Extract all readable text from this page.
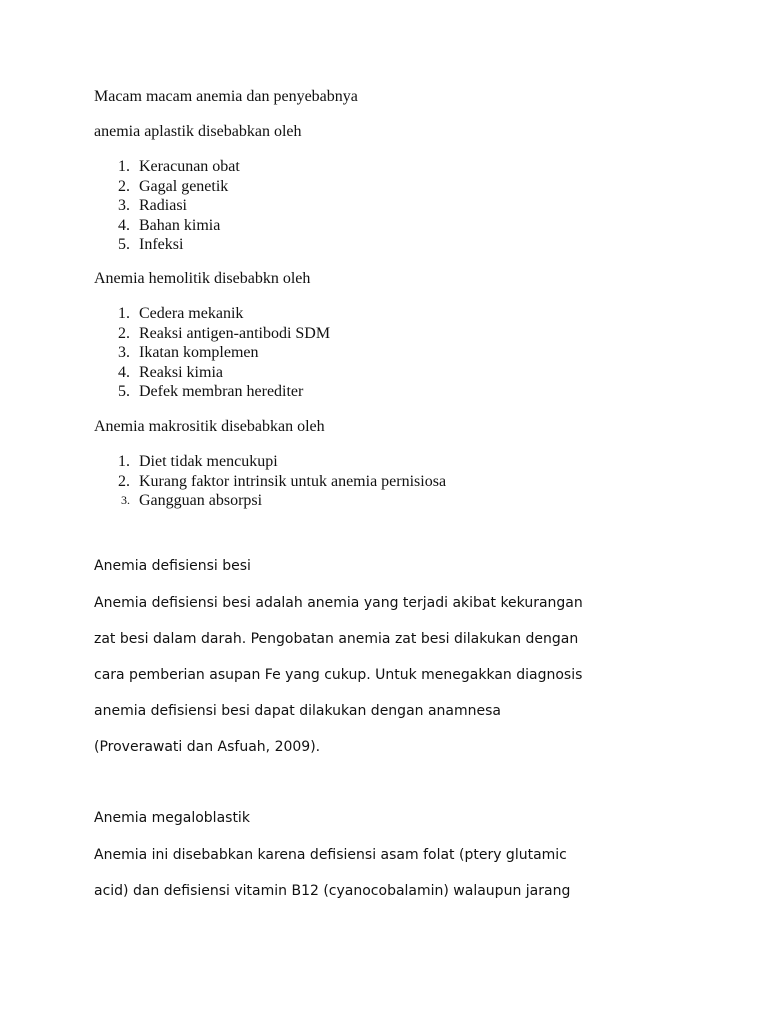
Macam macam anemia dan penyebabnya
anemia aplastik disebabkan oleh
1. Keracunan obat
2. Gagal genetik
3. Radiasi
4. Bahan kimia
5. Infeksi
Anemia hemolitik disebabkn oleh
1. Cedera mekanik
2. Reaksi antigen-antibodi SDM
3. Ikatan komplemen
4. Reaksi kimia
5. Defek membran herediter
Anemia makrositik disebabkan oleh
1. Diet tidak mencukupi
2. Kurang faktor intrinsik untuk anemia pernisiosa
3. Gangguan absorpsi
Anemia defisiensi besi
Anemia defisiensi besi adalah anemia yang terjadi akibat kekurangan
zat besi dalam darah. Pengobatan anemia zat besi dilakukan dengan
cara pemberian asupan Fe yang cukup. Untuk menegakkan diagnosis
anemia defisiensi besi dapat dilakukan dengan anamnesa
(Proverawati dan Asfuah, 2009).
Anemia megaloblastik
Anemia ini disebabkan karena defisiensi asam folat (ptery glutamic
acid) dan defisiensi vitamin B12 (cyanocobalamin) walaupun jarang
